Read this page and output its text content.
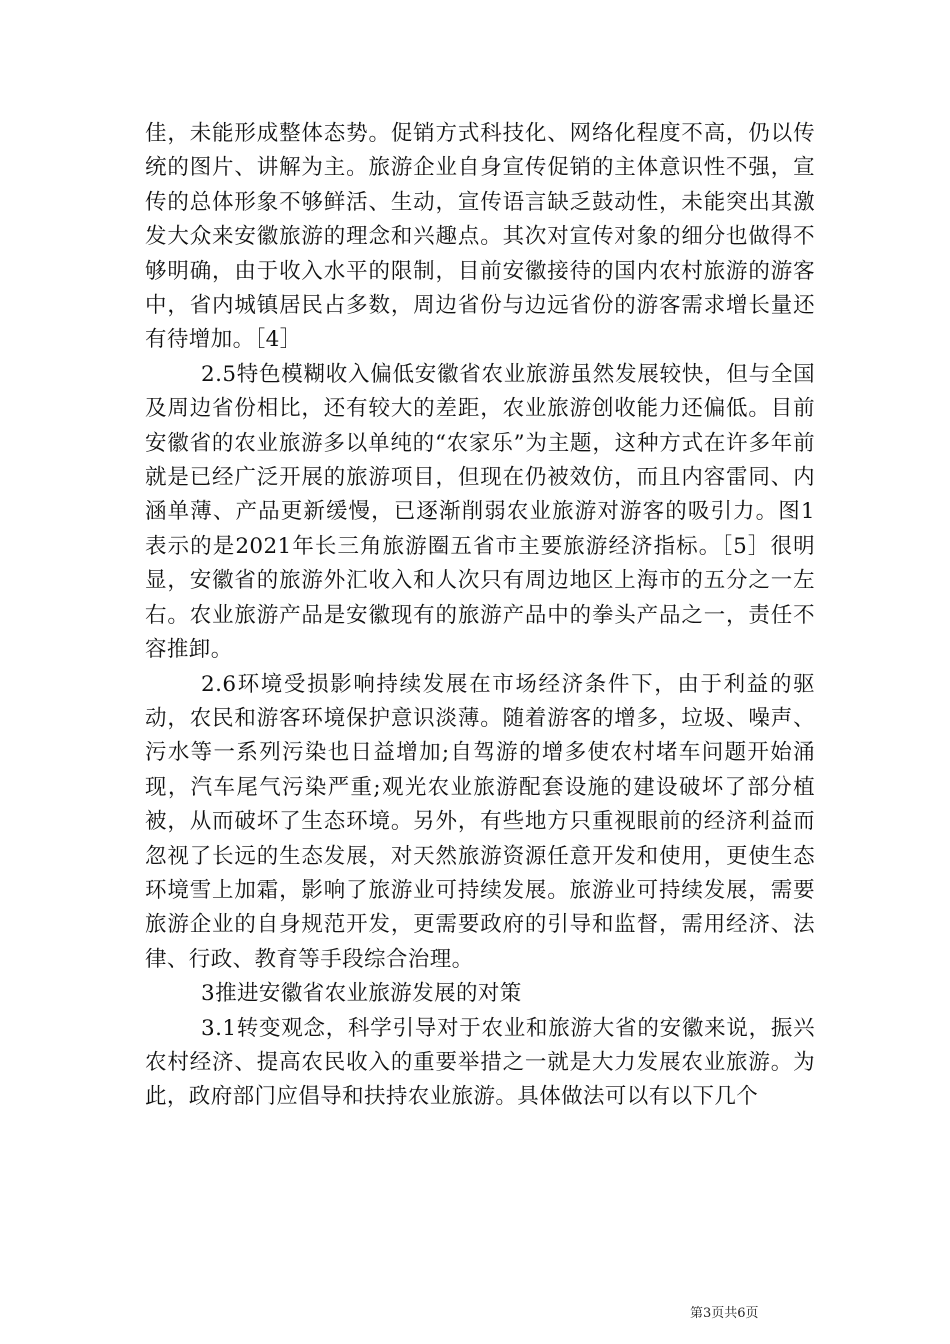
佳，未能形成整体态势。促销方式科技化、网络化程度不高，仍以传统的图片、讲解为主。旅游企业自身宣传促销的主体意识性不强，宣传的总体形象不够鲜活、生动，宣传语言缺乏鼓动性，未能突出其激发大众来安徽旅游的理念和兴趣点。其次对宣传对象的细分也做得不够明确，由于收入水平的限制，目前安徽接待的国内农村旅游的游客中，省内城镇居民占多数，周边省份与边远省份的游客需求增长量还有待增加。［4］

2.5特色模糊收入偏低安徽省农业旅游虽然发展较快，但与全国及周边省份相比，还有较大的差距，农业旅游创收能力还偏低。目前安徽省的农业旅游多以单纯的“农家乐”为主题，这种方式在许多年前就是已经广泛开展的旅游项目，但现在仍被效仿，而且内容雷同、内涵单薄、产品更新缓慢，已逐渐削弱农业旅游对游客的吸引力。图1表示的是2021年长三角旅游圈五省市主要旅游经济指标。［5］很明显，安徽省的旅游外汇收入和人次只有周边地区上海市的五分之一左右。农业旅游产品是安徽现有的旅游产品中的拳头产品之一，责任不容推卸。

2.6环境受损影响持续发展在市场经济条件下，由于利益的驱动，农民和游客环境保护意识淡薄。随着游客的增多，垃圾、噪声、污水等一系列污染也日益增加;自驾游的增多使农村堵车问题开始涌现，汽车尾气污染严重;观光农业旅游配套设施的建设破坏了部分植被，从而破坏了生态环境。另外，有些地方只重视眼前的经济利益而忽视了长远的生态发展，对天然旅游资源任意开发和使用，更使生态环境雪上加霜，影响了旅游业可持续发展。旅游业可持续发展，需要旅游企业的自身规范开发，更需要政府的引导和监督，需用经济、法律、行政、教育等手段综合治理。

3推进安徽省农业旅游发展的对策

3.1转变观念，科学引导对于农业和旅游大省的安徽来说，振兴农村经济、提高农民收入的重要举措之一就是大力发展农业旅游。为此，政府部门应倡导和扶持农业旅游。具体做法可以有以下几个

第3页共6页
